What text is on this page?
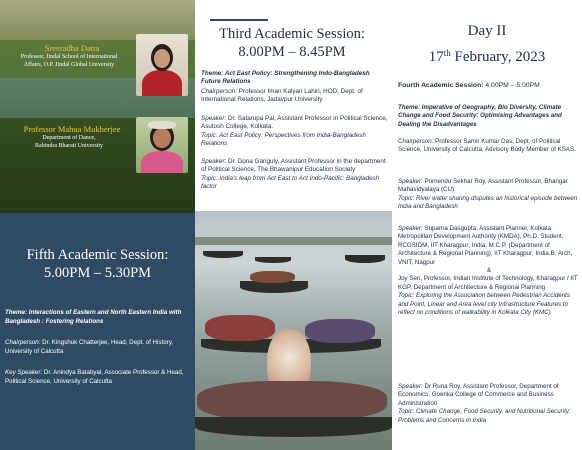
Sreeradha Datta
Professor, Jindal School of International
Affairs, O.P. Jindal Global University
Professor Mahua Mukherjee
Department of Dance,
Rabindra Bharati University
Fifth Academic Session:
5.00PM – 5.30PM
Theme: Interactions of Eastern and North Eastern India with Bangladesh : Fostering Relations
Chairperson: Dr. Kingshuk Chatterjee, Head, Dept. of History, University of Calcutta
Key Speaker: Dr. Anindya Batabyal, Associate Professor & Head, Political Science, University of Calcutta
Third Academic Session:
8.00PM – 8.45PM
Theme: Act East Policy: Strengthening Indo-Bangladesh Future Relations
Chairperson: Professor Iman Kalyan Lahiri, HOD, Dept. of International Relations, Jadavpur University
Speaker: Dr. Satarupa Pal, Assistant Professor in Political Science, Asutosh College, Kolkata.
Topic: Act East Policy: Perspectives from India-Bangladesh Relations
Speaker: Dr. Dona Ganguly, Assistant Professor in the department of Political Science, The Bhawanipur Education Society
Topic: India's leap from Act East to Act Indo-Pacific: Bangladesh factor
Day II
17th February, 2023
Fourth Academic Session: 4.00PM – 5.00PM
Theme: Imperative of Geography, Bio Diversity, Climate Change and Food Security: Optimising Advantages and Dealing the Disadvantages
Chairperson: Professor Samir Kumar Das, Dept. of Political Science, University of Calcutta, Advisory Body Member of KSAS.
Speaker: Purnendu Sekhar Roy, Assistant Professor, Bhangar Mahavidyalaya (CU).
Topic: River water sharing disputes an historical episode between India and Bangladesh
Speaker: Suparna Dasgupta, Assistant Planner, Kolkata Metropolitan Development Authority (KMDA), Ph.D. Student, RCGSIDM, IIT Kharagpur; India. M.C.P. (Department of Architecture & Regional Planning), IIT Kharagpur; India.B. Arch, VNIT, Nagpur
&
Joy Sen, Professor, Indian Institute of Technology, Kharagpur / IIT KGP. Department of Architecture & Regional Planning
Topic: Exploring the Association between Pedestrian Accidents and Point, Linear and Area level city Infrastructure Features to reflect on conditions of walkability in Kolkata City (KMC)
Speaker: Dr Runa Roy, Assistant Professor, Department of Economics, Goenka College of Commerce and Business Administration
Topic: Climate Change, Food Security, and Nutritional Security: Problems and Concerns in India
